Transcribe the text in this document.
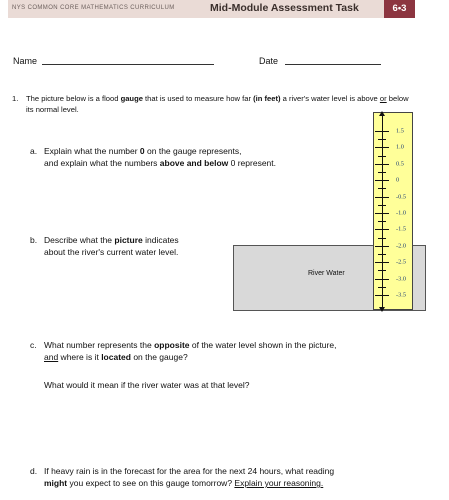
NYS COMMON CORE MATHEMATICS CURRICULUM	Mid-Module Assessment Task	6•3
Name	Date
1. The picture below is a flood gauge that is used to measure how far (in feet) a river's water level is above or below its normal level.
a. Explain what the number 0 on the gauge represents,

and explain what the numbers above and below 0 represent.

b. Describe what the picture indicates

about the river's current water level.

River Water
1.5
1.0
0.5
0
-0.5
-1.0
-1.5
-2.0
-2.5
-3.0
-3.5
c. What number represents the opposite of the water level shown in the picture,

and where is it located on the gauge?

What would it mean if the river water was at that level?

d. If heavy rain is in the forecast for the area for the next 24 hours, what reading

might you expect to see on this gauge tomorrow? Explain your reasoning.
